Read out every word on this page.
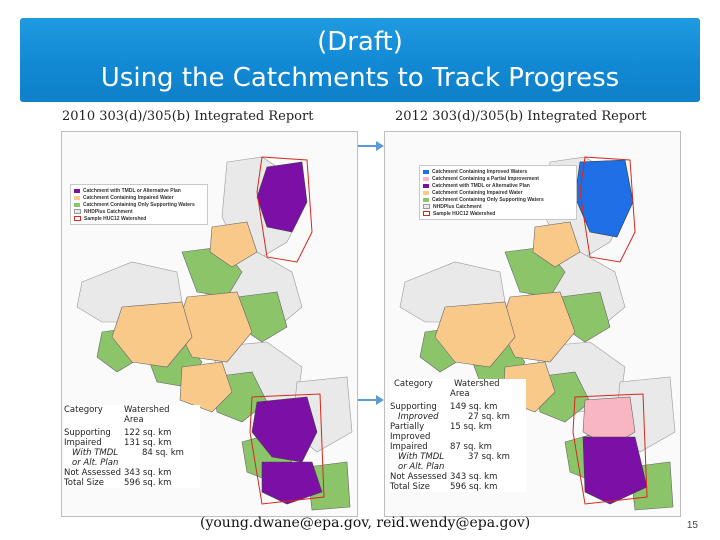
(Draft)
Using the Catchments to Track Progress
2010 303(d)/305(b) Integrated Report	2012 303(d)/305(b) Integrated Report
Catchment with TMDL or Alternative Plan
Catchment Containing Impaired Water
Catchment Containing Only Supporting Waters
NHDPlus Catchment
Sample HUC12 Watershed
Catchment Containing Improved Waters
Catchment Containing a Partial Improvement
Catchment with TMDL or Alternative Plan
Catchment Containing Impaired Water
Catchment Containing Only Supporting Waters
NHDPlus Catchment
Sample HUC12 Watershed
Category	Watershed
Area
Supporting	122 sq. km
Impaired	131 sq. km
With TMDL	84 sq. km
or Alt. Plan
Not Assessed 343 sq. km
Total Size	596 sq. km
Category	Watershed
Area
Supporting	149 sq. km
Improved	27 sq. km
Partially	15 sq. km
Improved
Impaired	87 sq. km
With TMDL	37 sq. km
or Alt. Plan
Not Assessed 343 sq. km
Total Size	596 sq. km
(young.dwane@epa.gov, reid.wendy@epa.gov)	15
